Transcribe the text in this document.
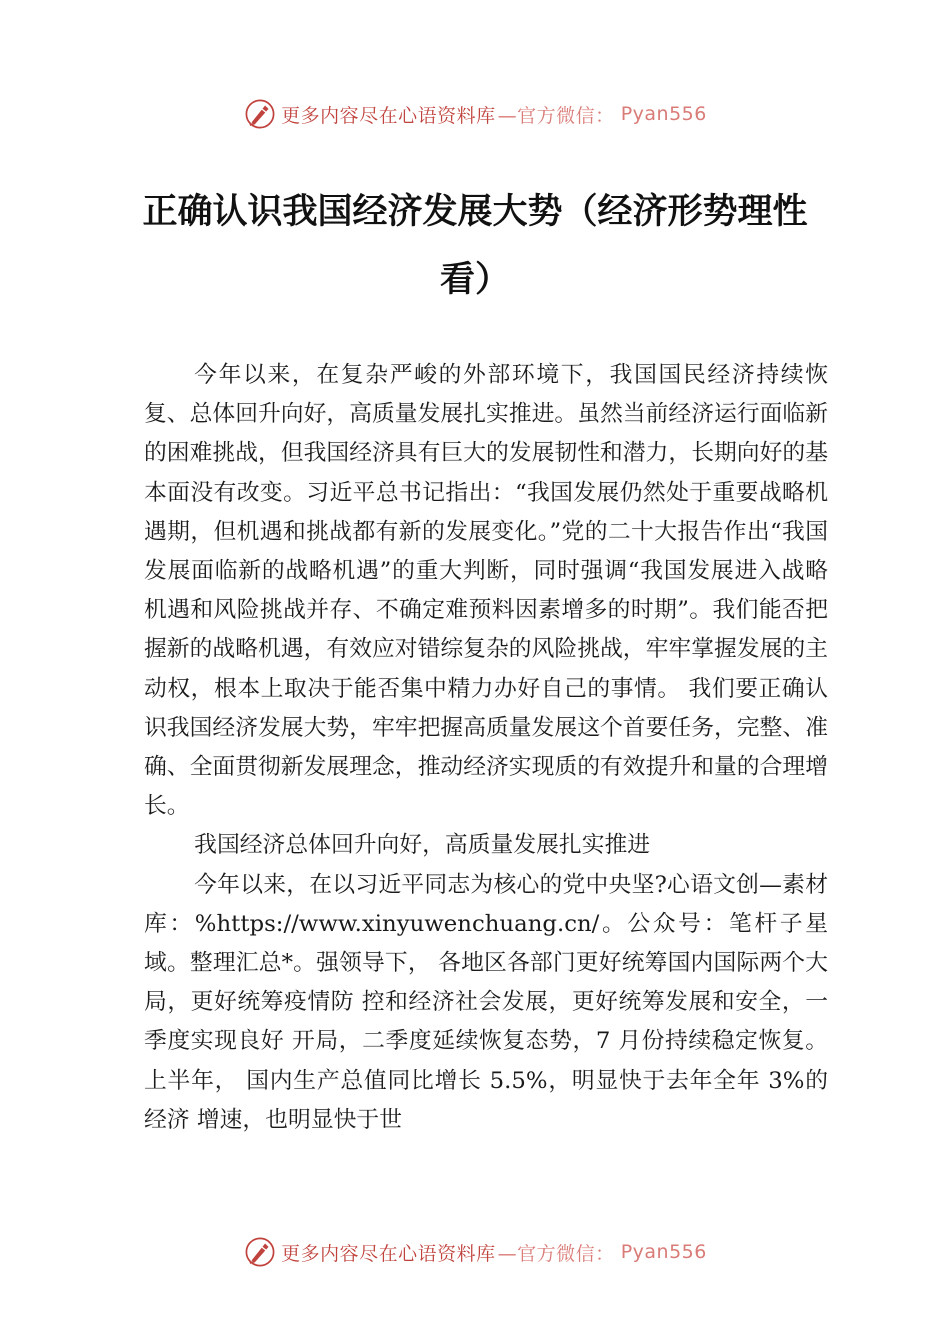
更多内容尽在心语资料库 —官方微信： Pyan556
正确认识我国经济发展大势（经济形势理性看）

今年以来，在复杂严峻的外部环境下，我国国民经济持续恢复、总体回升向好，高质量发展扎实推进。虽然当前经济运行面临新的困难挑战，但我国经济具有巨大的发展韧性和潜力，长期向好的基本面没有改变。习近平总书记指出：“我国发展仍然处于重要战略机遇期，但机遇和挑战都有新的发展变化。”党的二十大报告作出“我国发展面临新的战略机遇”的重大判断，同时强调“我国发展进入战略机遇和风险挑战并存、不确定难预料因素增多的时期”。我们能否把握新的战略机遇，有效应对错综复杂的风险挑战，牢牢掌握发展的主动权，根本上取决于能否集中精力办好自己的事情。 我们要正确认识我国经济发展大势，牢牢把握高质量发展这个首要任务，完整、准确、全面贯彻新发展理念，推动经济实现质的有效提升和量的合理增长。

我国经济总体回升向好，高质量发展扎实推进

今年以来，在以习近平同志为核心的党中央坚?心语文创—素材库：%https://www.xinyuwenchuang.cn/。公众号：笔杆子星域。整理汇总*。强领导下， 各地区各部门更好统筹国内国际两个大局，更好统筹疫情防 控和经济社会发展，更好统筹发展和安全，一季度实现良好 开局，二季度延续恢复态势，7 月份持续稳定恢复。上半年， 国内生产总值同比增长 5.5%，明显快于去年全年 3%的经济 增速，也明显快于世

更多内容尽在心语资料库 —官方微信： Pyan556
